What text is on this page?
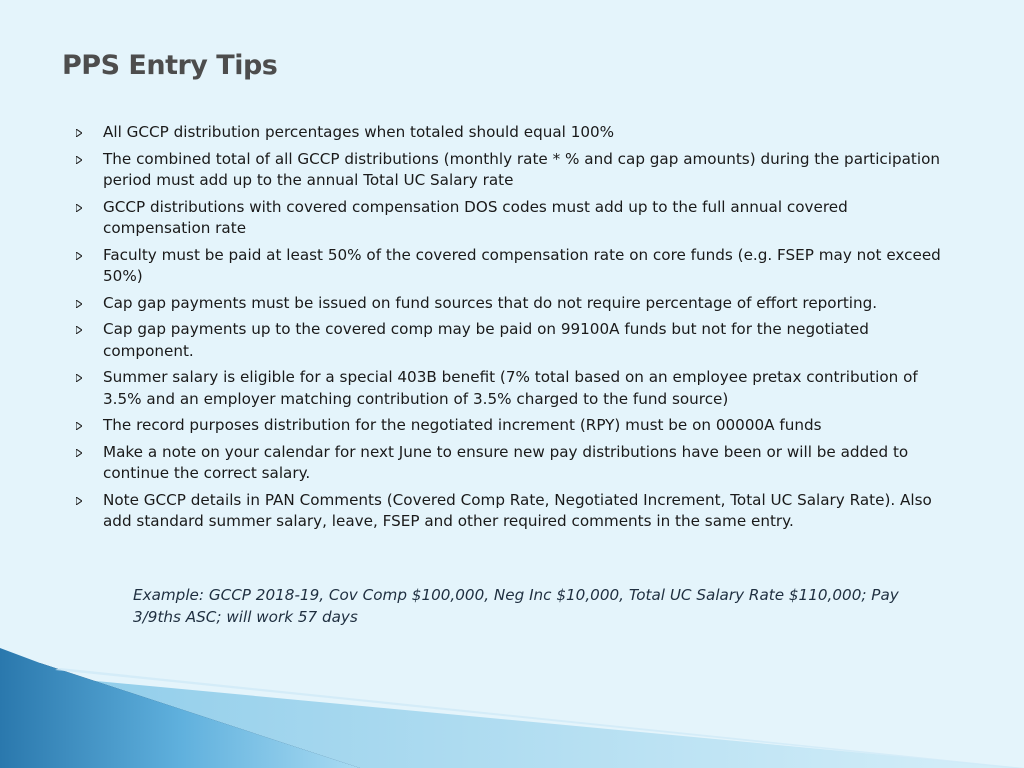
PPS Entry Tips
All GCCP distribution percentages when totaled should equal 100%
The combined total of all GCCP distributions (monthly rate * % and cap gap amounts) during the participation period must add up to the annual Total UC Salary rate
GCCP distributions with covered compensation DOS codes must add up to the full annual covered compensation rate
Faculty must be paid at least 50% of the covered compensation rate on core funds (e.g. FSEP may not exceed 50%)
Cap gap payments must be issued on fund sources that do not require percentage of effort reporting.
Cap gap payments up to the covered comp may be paid on 99100A funds but not for the negotiated component.
Summer salary is eligible for a special 403B benefit (7% total based on an employee pretax contribution of 3.5% and an employer matching contribution of 3.5% charged to the fund source)
The record purposes distribution for the negotiated increment (RPY) must be on 00000A funds
Make a note on your calendar for next June to ensure new pay distributions have been or will be added to continue the correct salary.
Note GCCP details in PAN Comments (Covered Comp Rate, Negotiated Increment, Total UC Salary Rate). Also add standard summer salary, leave, FSEP and other required comments in the same entry.

Example: GCCP 2018-19, Cov Comp $100,000, Neg Inc $10,000, Total UC Salary Rate $110,000; Pay 3/9ths ASC; will work 57 days
